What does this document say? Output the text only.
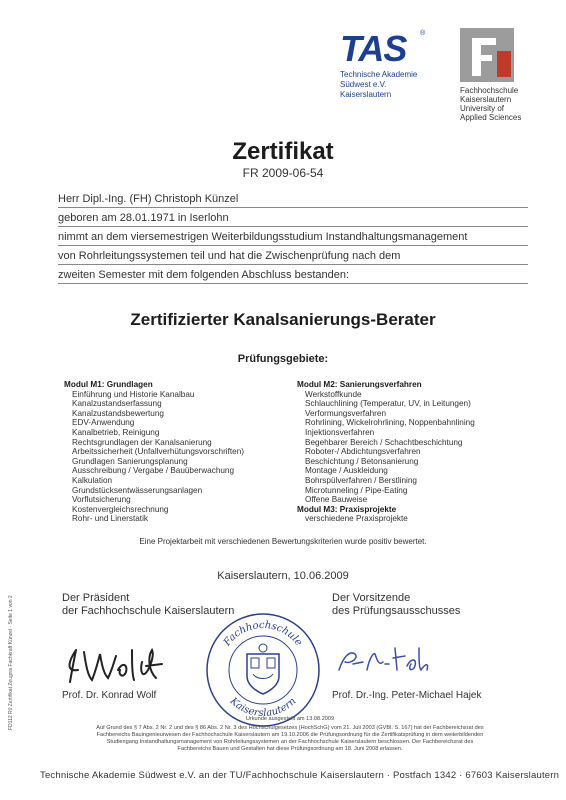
TAS ®
Technische Akademie
Südwest e.V.
Kaiserslautern	Fachhochschule
Kaiserslautern
University of
Applied Sciences
Zertifikat
FR 2009-06-54
Herr Dipl.-Ing. (FH) Christoph Künzel
geboren am 28.01.1971 in Iserlohn
nimmt an dem viersemestrigen Weiterbildungsstudium Instandhaltungsmanagement
von Rohrleitungssystemen teil und hat die Zwischenprüfung nach dem
zweiten Semester mit dem folgenden Abschluss bestanden:
Zertifizierter Kanalsanierungs-Berater
Prüfungsgebiete:
Modul M1: Grundlagen
Einführung und Historie Kanalbau
Kanalzustandserfassung
Kanalzustandsbewertung
EDV-Anwendung
Kanalbetrieb, Reinigung
Rechtsgrundlagen der Kanalsanierung
Arbeitssicherheit (Unfallverhütungsvorschriften)
Grundlagen Sanierungsplanung
Ausschreibung / Vergabe / Bauüberwachung
Kalkulation
Grundstücksentwässerungsanlagen
Vorflutsicherung
Kostenvergleichsrechnung
Rohr- und Linerstatik
Modul M2: Sanierungsverfahren
Werkstoffkunde
Schlauchlining (Temperatur, UV, in Leitungen)
Verformungsverfahren
Rohrlining, Wickelrohrlining, Noppenbahnlining
Injektionsverfahren
Begehbarer Bereich / Schachtbeschichtung
Roboter-/ Abdichtungsverfahren
Beschichtung / Betonsanierung
Montage / Auskleidung
Bohrspülverfahren / Berstlining
Microtunneling / Pipe-Eating
Offene Bauweise
Modul M3: Praxisprojekte
verschiedene Praxisprojekte
Eine Projektarbeit mit verschiedenen Bewertungskriterien wurde positiv bewertet.
Kaiserslautern, 10.06.2009
Der Präsident
der Fachhochschule Kaiserslautern
Der Vorsitzende
des Prüfungsausschusses
Fachhochschule
Kaiserslautern
Prof. Dr. Konrad Wolf	Prof. Dr.-Ing. Peter-Michael Hajek
Urkunde ausgestellt am 13.08.2009
Auf Grund des § 7 Abs. 2 Nr. 2 und des § 86 Abs. 2 Nr. 3 des Hochschulgesetzes (HochSchG) vom 21. Juli 2003 (GVBl. S. 167) hat der Fachbereichsrat des
Fachbereichs Bauingenieurwesen der Fachhochschule Kaiserslautern am 19.10.2006 die Prüfungsordnung für die Zertifikatsprüfung in dem weiterbildenden
Studiengang Instandhaltungsmanagement von Rohrleitungssystemen an der Fachhochschule Kaiserslautern beschlossen. Der Fachbereichsrat des
Fachbereichs Bauen und Gestalten hat diese Prüfungsordnung am 18. Juni 2008 erlassen.
Technische Akademie Südwest e.V. an der TU/Fachhochschule Kaiserslautern · Postfach 1342 · 67603 Kaiserslautern
FD112 R0 Zertifikat Zeugnis Fachkraft Künzel · Seite 1 von 2
